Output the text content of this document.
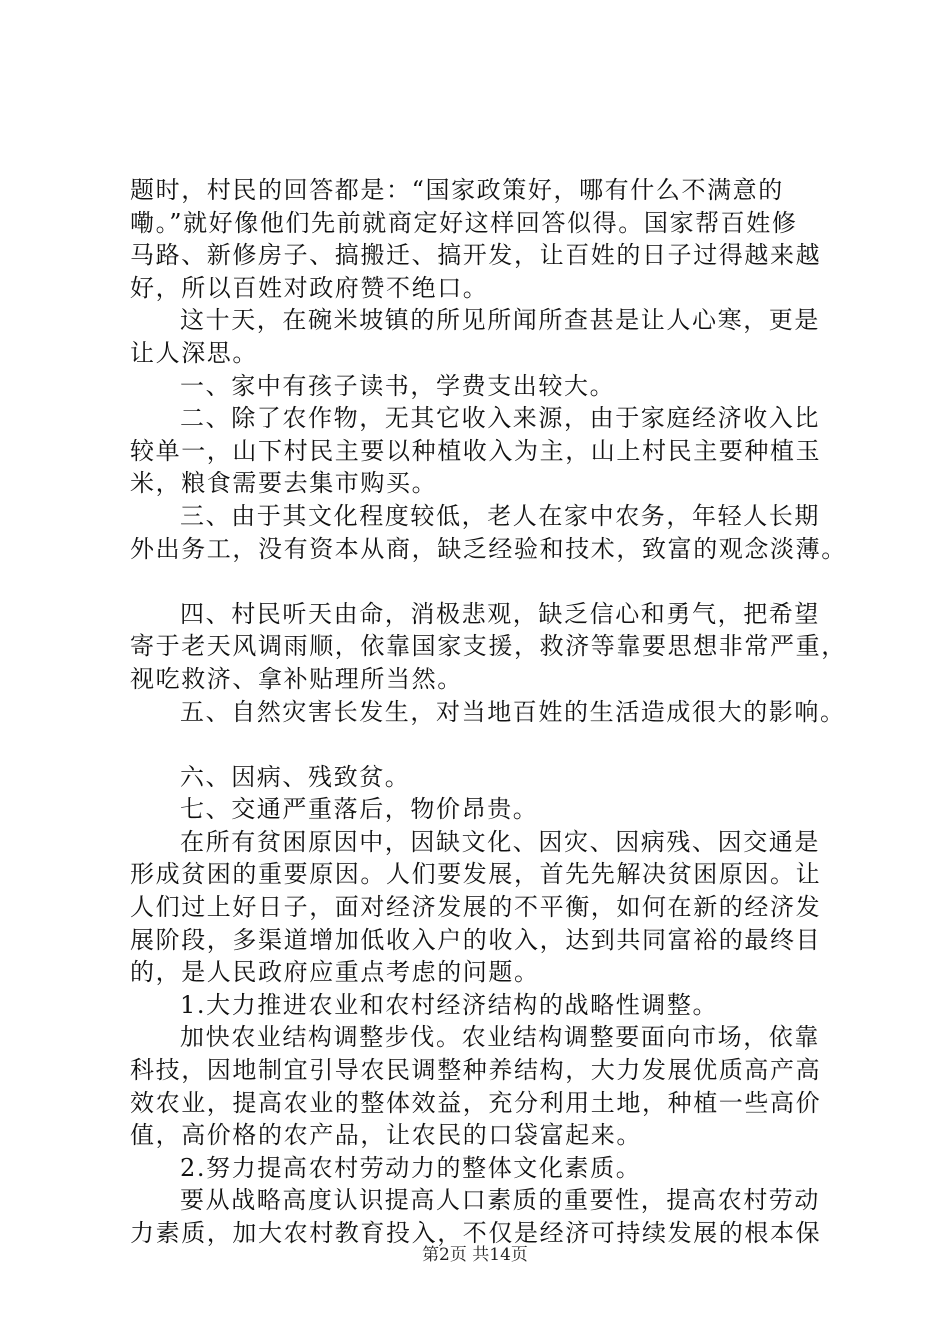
题时，村民的回答都是：“国家政策好，哪有什么不满意的
嘞。”就好像他们先前就商定好这样回答似得。国家帮百姓修
马路、新修房子、搞搬迁、搞开发，让百姓的日子过得越来越
好，所以百姓对政府赞不绝口。
这十天，在碗米坡镇的所见所闻所查甚是让人心寒，更是
让人深思。
一、家中有孩子读书，学费支出较大。
二、除了农作物，无其它收入来源，由于家庭经济收入比
较单一，山下村民主要以种植收入为主，山上村民主要种植玉
米，粮食需要去集市购买。
三、由于其文化程度较低，老人在家中农务，年轻人长期
外出务工，没有资本从商，缺乏经验和技术，致富的观念淡薄。
四、村民听天由命，消极悲观，缺乏信心和勇气，把希望
寄于老天风调雨顺，依靠国家支援，救济等靠要思想非常严重，
视吃救济、拿补贴理所当然。
五、自然灾害长发生，对当地百姓的生活造成很大的影响。
六、因病、残致贫。
七、交通严重落后，物价昂贵。
在所有贫困原因中，因缺文化、因灾、因病残、因交通是
形成贫困的重要原因。人们要发展，首先先解决贫困原因。让
人们过上好日子，面对经济发展的不平衡，如何在新的经济发
展阶段，多渠道增加低收入户的收入，达到共同富裕的最终目
的，是人民政府应重点考虑的问题。
1.大力推进农业和农村经济结构的战略性调整。
加快农业结构调整步伐。农业结构调整要面向市场，依靠
科技，因地制宜引导农民调整种养结构，大力发展优质高产高
效农业，提高农业的整体效益，充分利用土地，种植一些高价
值，高价格的农产品，让农民的口袋富起来。
2.努力提高农村劳动力的整体文化素质。
要从战略高度认识提高人口素质的重要性，提高农村劳动
力素质，加大农村教育投入，不仅是经济可持续发展的根本保
第2页 共14页
